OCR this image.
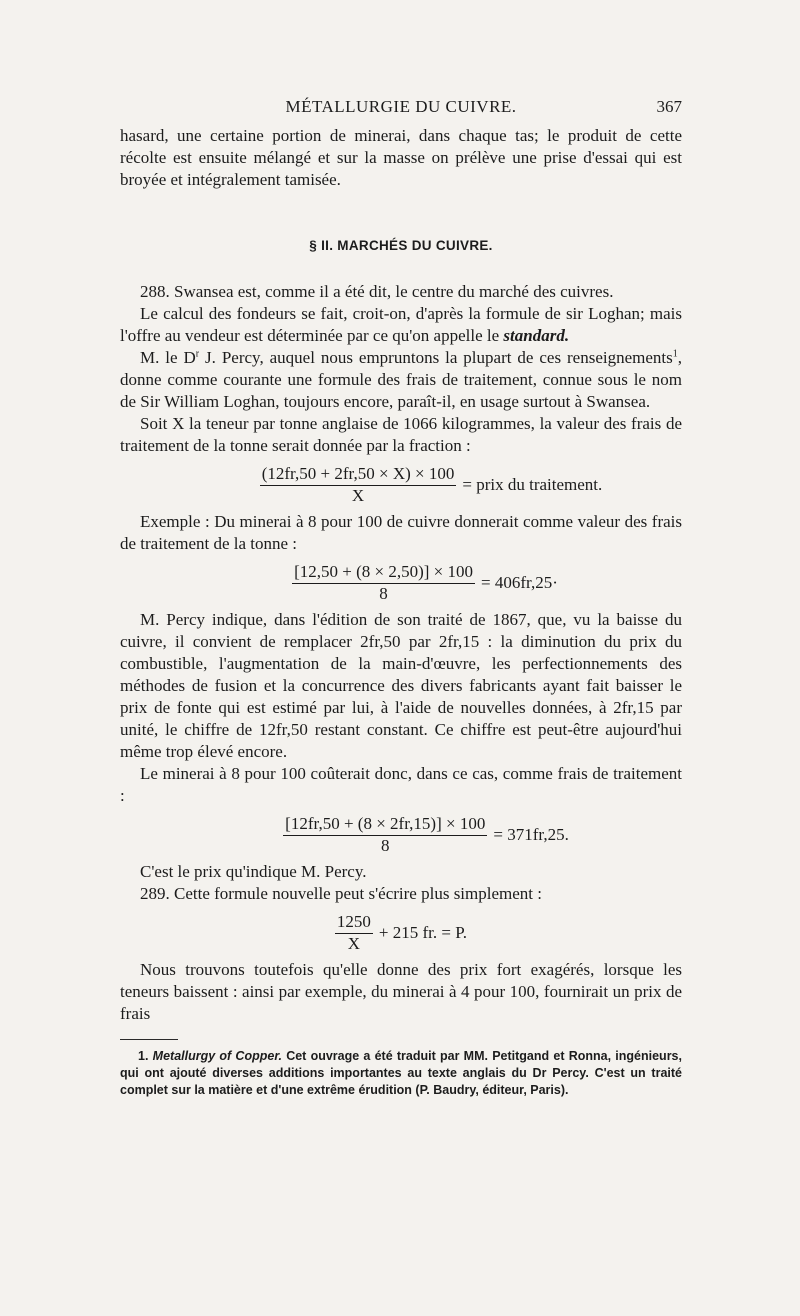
MÉTALLURGIE DU CUIVRE.	367

hasard, une certaine portion de minerai, dans chaque tas; le produit de cette récolte est ensuite mélangé et sur la masse on prélève une prise d'essai qui est broyée et intégralement tamisée.

§ II. MARCHÉS DU CUIVRE.

288. Swansea est, comme il a été dit, le centre du marché des cuivres.

Le calcul des fondeurs se fait, croit-on, d'après la formule de sir Loghan; mais l'offre au vendeur est déterminée par ce qu'on appelle le standard.

M. le $D^r$ J. Percy, auquel nous empruntons la plupart de ces renseignements$^1$, donne comme courante une formule des frais de traitement, connue sous le nom de Sir William Loghan, toujours encore, paraît-il, en usage surtout à Swansea.

Soit X la teneur par tonne anglaise de 1066 kilogrammes, la valeur des frais de traitement de la tonne serait donnée par la fraction :

$\frac{(12fr,50 + 2fr,50 \times X) \times 100}{X}$ = prix du traitement.

Exemple : Du minerai à 8 pour 100 de cuivre donnerait comme valeur des frais de traitement de la tonne :

$\frac{[12,50 + (8 \times 2,50)] \times 100}{8} = 406fr,25\cdot$

M. Percy indique, dans l'édition de son traité de 1867, que, vu la baisse du cuivre, il convient de remplacer 2fr,50 par 2fr,15 : la diminution du prix du combustible, l'augmentation de la main-d'œuvre, les perfectionnements des méthodes de fusion et la concurrence des divers fabricants ayant fait baisser le prix de fonte qui est estimé par lui, à l'aide de nouvelles données, à 2fr,15 par unité, le chiffre de 12fr,50 restant constant. Ce chiffre est peut-être aujourd'hui même trop élevé encore.

Le minerai à 8 pour 100 coûterait donc, dans ce cas, comme frais de traitement :

$\frac{[12fr,50 + (8 \times 2fr,15)] \times 100}{8} = 371fr,25$.

C'est le prix qu'indique M. Percy.

289. Cette formule nouvelle peut s'écrire plus simplement :

$\frac{1250}{X} + 215$ fr. = P.

Nous trouvons toutefois qu'elle donne des prix fort exagérés, lorsque les teneurs baissent : ainsi par exemple, du minerai à 4 pour 100, fournirait un prix de frais

1. Metallurgy of Copper. Cet ouvrage a été traduit par MM. Petitgand et Ronna, ingénieurs, qui ont ajouté diverses additions importantes au texte anglais du Dr Percy. C'est un traité complet sur la matière et d'une extrême érudition (P. Baudry, éditeur, Paris).
